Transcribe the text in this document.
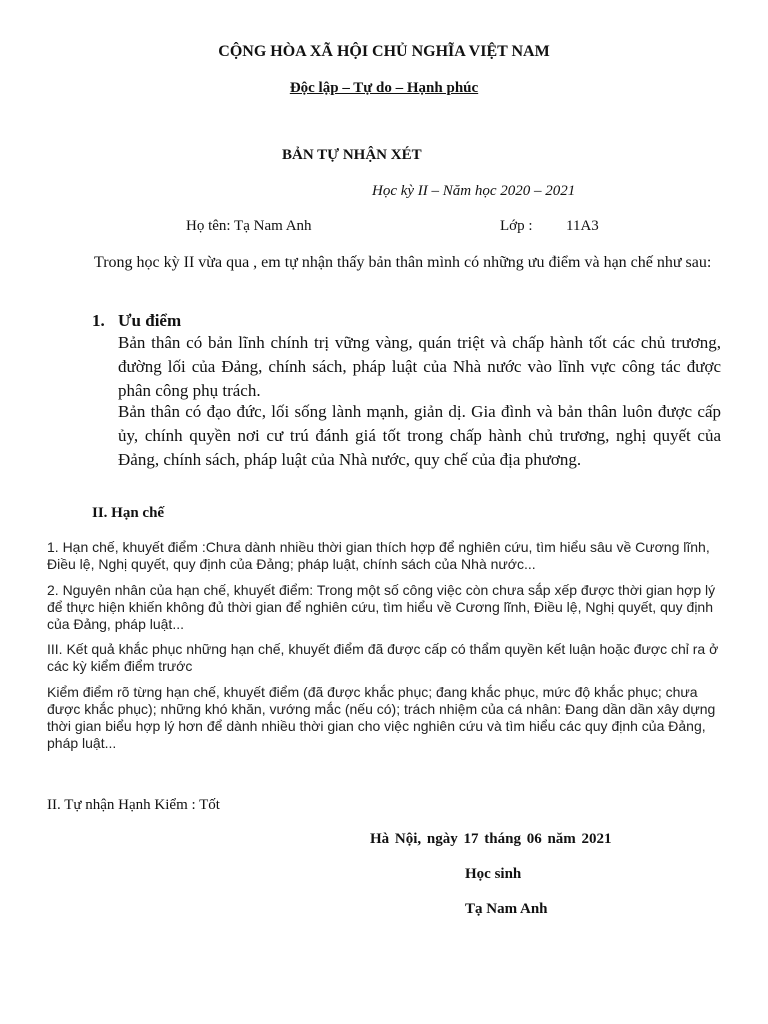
CỘNG HÒA XÃ HỘI CHỦ NGHĨA VIỆT NAM
Độc lập – Tự do – Hạnh phúc
BẢN TỰ NHẬN XÉT
Học kỳ II – Năm học 2020 – 2021
Họ tên: Tạ Nam Anh	Lớp : 11A3
Trong học kỳ II vừa qua , em tự nhận thấy bản thân mình có những ưu điểm và hạn chế như sau:
1. Ưu điểm
Bản thân có bản lĩnh chính trị vững vàng, quán triệt và chấp hành tốt các chủ trương, đường lối của Đảng, chính sách, pháp luật của Nhà nước vào lĩnh vực công tác được phân công phụ trách.
Bản thân có đạo đức, lối sống lành mạnh, giản dị. Gia đình và bản thân luôn được cấp ủy, chính quyền nơi cư trú đánh giá tốt trong chấp hành chủ trương, nghị quyết của Đảng, chính sách, pháp luật của Nhà nước, quy chế của địa phương.
II. Hạn chế
1. Hạn chế, khuyết điểm :Chưa dành nhiều thời gian thích hợp để nghiên cứu, tìm hiểu sâu về Cương lĩnh, Điều lệ, Nghị quyết, quy định của Đảng; pháp luật, chính sách của Nhà nước...
2. Nguyên nhân của hạn chế, khuyết điểm: Trong một số công việc còn chưa sắp xếp được thời gian hợp lý để thực hiện khiến không đủ thời gian để nghiên cứu, tìm hiểu về Cương lĩnh, Điều lệ, Nghị quyết, quy định của Đảng, pháp luật...
III. Kết quả khắc phục những hạn chế, khuyết điểm đã được cấp có thẩm quyền kết luận hoặc được chỉ ra ở các kỳ kiểm điểm trước
Kiểm điểm rõ từng hạn chế, khuyết điểm (đã được khắc phục; đang khắc phục, mức độ khắc phục; chưa được khắc phục); những khó khăn, vướng mắc (nếu có); trách nhiệm của cá nhân: Đang dần dần xây dựng thời gian biểu hợp lý hơn để dành nhiều thời gian cho việc nghiên cứu và tìm hiểu các quy định của Đảng, pháp luật...
II. Tự nhận Hạnh Kiểm : Tốt
Hà Nội, ngày 17 tháng 06 năm 2021
Học sinh
Tạ Nam Anh
